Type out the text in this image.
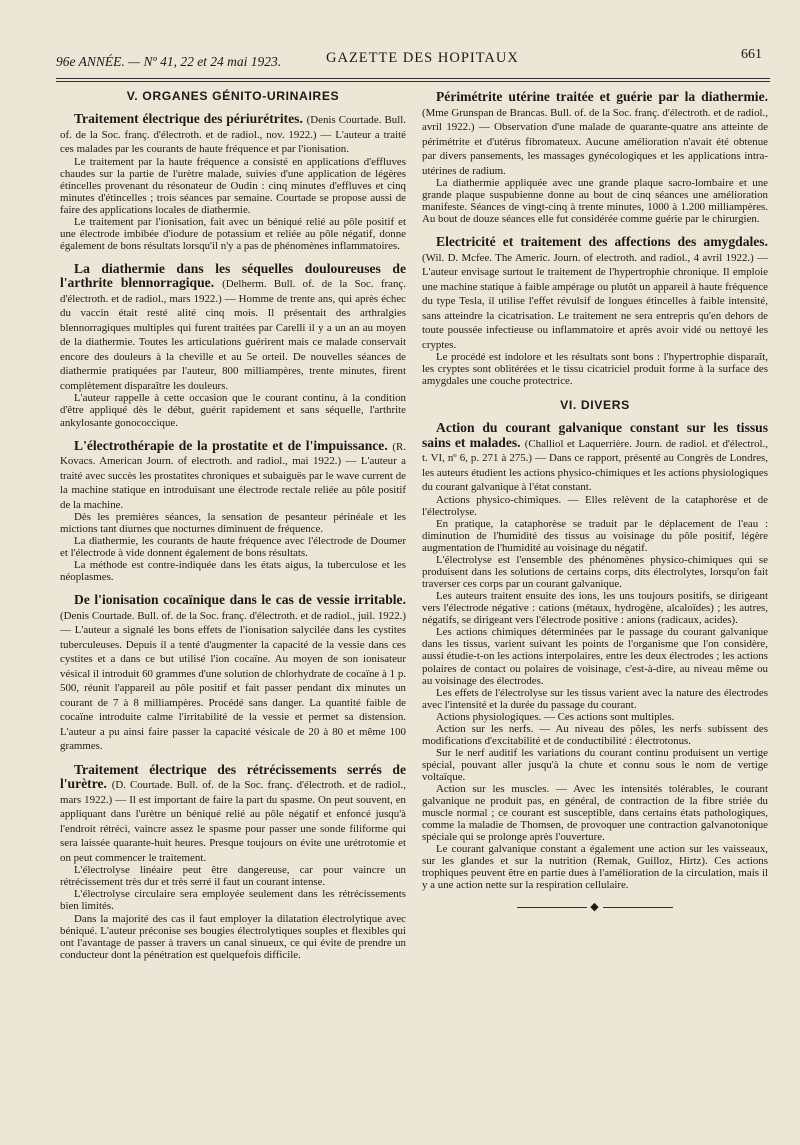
96e ANNÉE. — Nº 41, 22 et 24 mai 1923.	GAZETTE DES HOPITAUX	661
V. ORGANES GÉNITO-URINAIRES

Traitement électrique des périurétrites. (Denis Courtade. Bull. of. de la Soc. franç. d'électroth. et de radiol., nov. 1922.) — L'auteur a traité ces malades par les courants de haute fréquence et par l'ionisation.

Le traitement par la haute fréquence a consisté en applications d'effluves chaudes sur la partie de l'urètre malade, suivies d'une application de légères étincelles provenant du résonateur de Oudin : cinq minutes d'effluves et cinq minutes d'étincelles ; trois séances par semaine. Courtade se propose aussi de faire des applications locales de diathermie.

Le traitement par l'ionisation, fait avec un béniqué relié au pôle positif et une électrode imbibée d'iodure de potassium et reliée au pôle négatif, donne également de bons résultats lorsqu'il n'y a pas de phénomènes inflammatoires.

La diathermie dans les séquelles douloureuses de l'arthrite blennorragique. (Delherm. Bull. of. de la Soc. franç. d'électroth. et de radiol., mars 1922.) — Homme de trente ans, qui après échec du vaccin était resté alité cinq mois. Il présentait des arthralgies blennorragiques multiples qui furent traitées par Carelli il y a un an au moyen de la diathermie. Toutes les articulations guérirent mais ce malade conservait encore des douleurs à la cheville et au 5e orteil. De nouvelles séances de diathermie pratiquées par l'auteur, 800 milliampères, trente minutes, firent complètement disparaître les douleurs.

L'auteur rappelle à cette occasion que le courant continu, à la condition d'être appliqué dès le début, guérit rapidement et sans séquelle, l'arthrite ankylosante gonococcique.

L'électrothérapie de la prostatite et de l'impuissance. (R. Kovacs. American Journ. of electroth. and radiol., mai 1922.) — L'auteur a traité avec succès les prostatites chroniques et subaiguës par le wave current de la machine statique en introduisant une électrode rectale reliée au pôle positif de la machine.

Dès les premières séances, la sensation de pesanteur périnéale et les mictions tant diurnes que nocturnes diminuent de fréquence.

La diathermie, les courants de haute fréquence avec l'électrode de Doumer et l'électrode à vide donnent également de bons résultats.

La méthode est contre-indiquée dans les états aigus, la tuberculose et les néoplasmes.

De l'ionisation cocaïnique dans le cas de vessie irritable. (Denis Courtade. Bull. of. de la Soc. franç. d'électroth. et de radiol., juil. 1922.) — L'auteur a signalé les bons effets de l'ionisation salycilée dans les cystites tuberculeuses. Depuis il a tenté d'augmenter la capacité de la vessie dans ces cystites et a dans ce but utilisé l'ion cocaïne. Au moyen de son ionisateur vésical il introduit 60 grammes d'une solution de chlorhydrate de cocaïne à 1 p. 500, réunit l'appareil au pôle positif et fait passer pendant dix minutes un courant de 7 à 8 milliampères. Procédé sans danger. La quantité faible de cocaïne introduite calme l'irritabilité de la vessie et permet sa distension. L'auteur a pu ainsi faire passer la capacité vésicale de 20 à 80 et même 100 grammes.

Traitement électrique des rétrécissements serrés de l'urètre. (D. Courtade. Bull. of. de la Soc. franç. d'électroth. et de radiol., mars 1922.) — Il est important de faire la part du spasme. On peut souvent, en appliquant dans l'urètre un béniqué relié au pôle négatif et enfoncé jusqu'à l'endroit rétréci, vaincre assez le spasme pour passer une sonde filiforme qui sera laissée quarante-huit heures. Presque toujours on évite une urétrotomie et on peut commencer le traitement.

L'électrolyse linéaire peut être dangereuse, car pour vaincre un rétrécissement très dur et très serré il faut un courant intense.

L'électrolyse circulaire sera employée seulement dans les rétrécissements bien limités.

Dans la majorité des cas il faut employer la dilatation électrolytique avec béniqué. L'auteur préconise ses bougies électrolytiques souples et flexibles qui ont l'avantage de passer à travers un canal sinueux, ce qui évite de prendre un conducteur dont la pénétration est quelquefois difficile.

Périmétrite utérine traitée et guérie par la diathermie. (Mme Grunspan de Brancas. Bull. of. de la Soc. franç. d'électroth. et de radiol., avril 1922.) — Observation d'une malade de quarante-quatre ans atteinte de périmétrite et d'utérus fibromateux. Aucune amélioration n'avait été obtenue par divers pansements, les massages gynécologiques et les applications intra-utérines de radium.

La diathermie appliquée avec une grande plaque sacro-lombaire et une grande plaque suspubienne donne au bout de cinq séances une amélioration manifeste. Séances de vingt-cinq à trente minutes, 1000 à 1.200 milliampères. Au bout de douze séances elle fut considérée comme guérie par le chirurgien.

Electricité et traitement des affections des amygdales. (Wil. D. Mcfee. The Americ. Journ. of electroth. and radiol., 4 avril 1922.) — L'auteur envisage surtout le traitement de l'hypertrophie chronique. Il emploie une machine statique à faible ampérage ou plutôt un appareil à haute fréquence du type Tesla, il utilise l'effet révulsif de longues étincelles à faible intensité, sans atteindre la cicatrisation. Le traitement ne sera entrepris qu'en dehors de toute poussée infectieuse ou inflammatoire et après avoir vidé ou nettoyé les cryptes.

Le procédé est indolore et les résultats sont bons : l'hypertrophie disparaît, les cryptes sont oblitérées et le tissu cicatriciel produit forme à la surface des amygdales une couche protectrice.

VI. DIVERS

Action du courant galvanique constant sur les tissus sains et malades. (Challiol et Laquerrière. Journ. de radiol. et d'électrol., t. VI, nº 6, p. 271 à 275.) — Dans ce rapport, présenté au Congrès de Londres, les auteurs étudient les actions physico-chimiques et les actions physiologiques du courant galvanique à l'état constant.

Actions physico-chimiques. — Elles relèvent de la cataphorèse et de l'électrolyse.

En pratique, la cataphorèse se traduit par le déplacement de l'eau : diminution de l'humidité des tissus au voisinage du pôle positif, légère augmentation de l'humidité au voisinage du négatif.

L'électrolyse est l'ensemble des phénomènes physico-chimiques qui se produisent dans les solutions de certains corps, dits électrolytes, lorsqu'on fait traverser ces corps par un courant galvanique.

Les auteurs traitent ensuite des ions, les uns toujours positifs, se dirigeant vers l'électrode négative : cations (métaux, hydrogène, alcaloïdes) ; les autres, négatifs, se dirigeant vers l'électrode positive : anions (radicaux, acides).

Les actions chimiques déterminées par le passage du courant galvanique dans les tissus, varient suivant les points de l'organisme que l'on considère, aussi étudie-t-on les actions interpolaires, entre les deux électrodes ; les actions polaires de contact ou polaires de voisinage, c'est-à-dire, au niveau même ou au voisinage des électrodes.

Les effets de l'électrolyse sur les tissus varient avec la nature des électrodes avec l'intensité et la durée du passage du courant.

Actions physiologiques. — Ces actions sont multiples.

Action sur les nerfs. — Au niveau des pôles, les nerfs subissent des modifications d'excitabilité et de conductibilité : électrotonus.

Sur le nerf auditif les variations du courant continu produisent un vertige spécial, pouvant aller jusqu'à la chute et connu sous le nom de vertige voltaïque.

Action sur les muscles. — Avec les intensités tolérables, le courant galvanique ne produit pas, en général, de contraction de la fibre striée du muscle normal ; ce courant est susceptible, dans certains états pathologiques, comme la maladie de Thomsen, de provoquer une contraction galvanotonique spéciale qui se prolonge après l'ouverture.

Le courant galvanique constant a également une action sur les vaisseaux, sur les glandes et sur la nutrition (Remak, Guilloz, Hirtz). Ces actions trophiques peuvent être en partie dues à l'amélioration de la circulation, mais il y a une action nette sur la respiration cellulaire.

◆
